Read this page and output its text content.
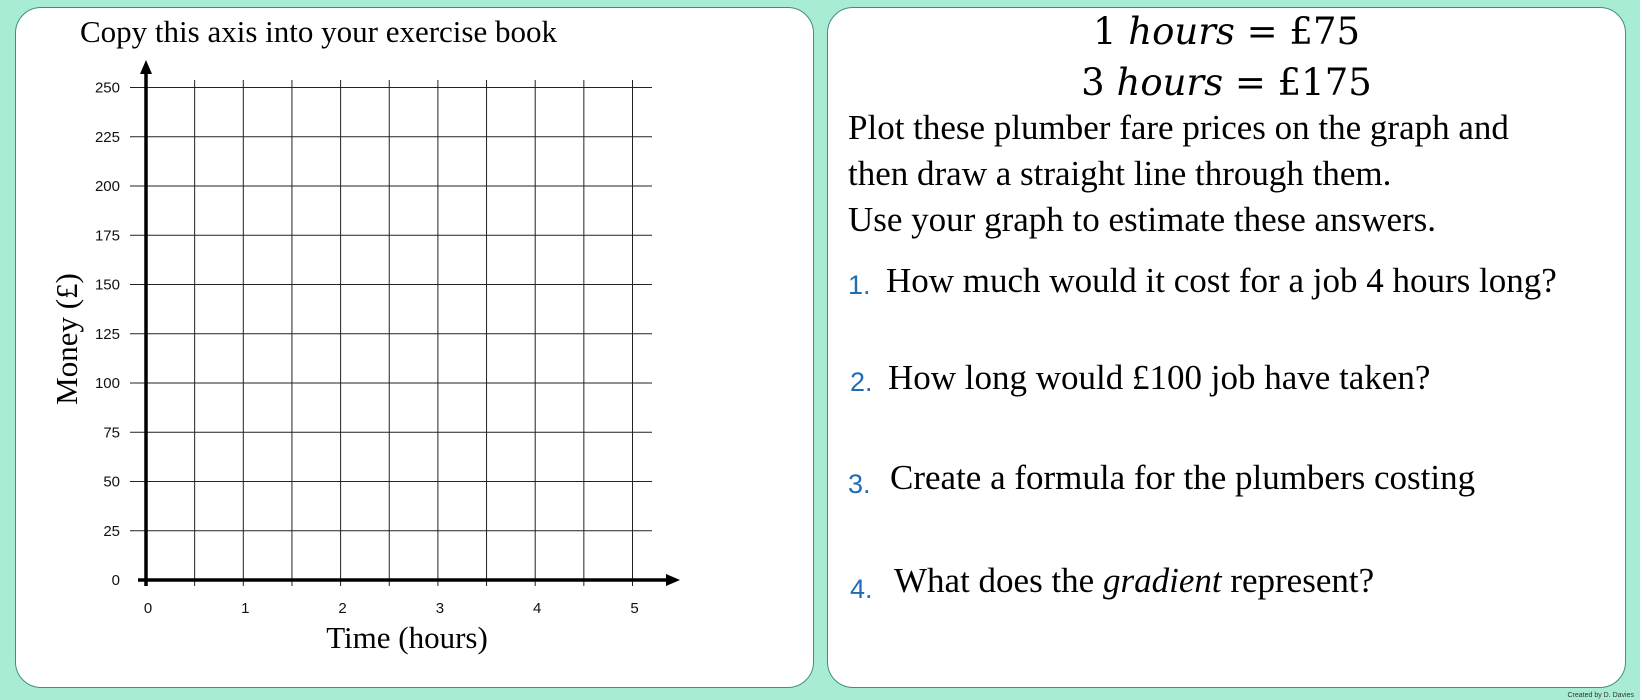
Copy this axis into your exercise book
0
25
50
75
100
125
150
175
200
225
250
0	1	2	3	4	5
Time (hours)
Money (£)
1 hours = £75
3 hours = £175
Plot these plumber fare prices on the graph and
then draw a straight line through them.
Use your graph to estimate these answers.
1. How much would it cost for a job 4 hours long?
2. How long would £100 job have taken?
3. Create a formula for the plumbers costing
4. What does the gradient represent?
Created by D. Davies
